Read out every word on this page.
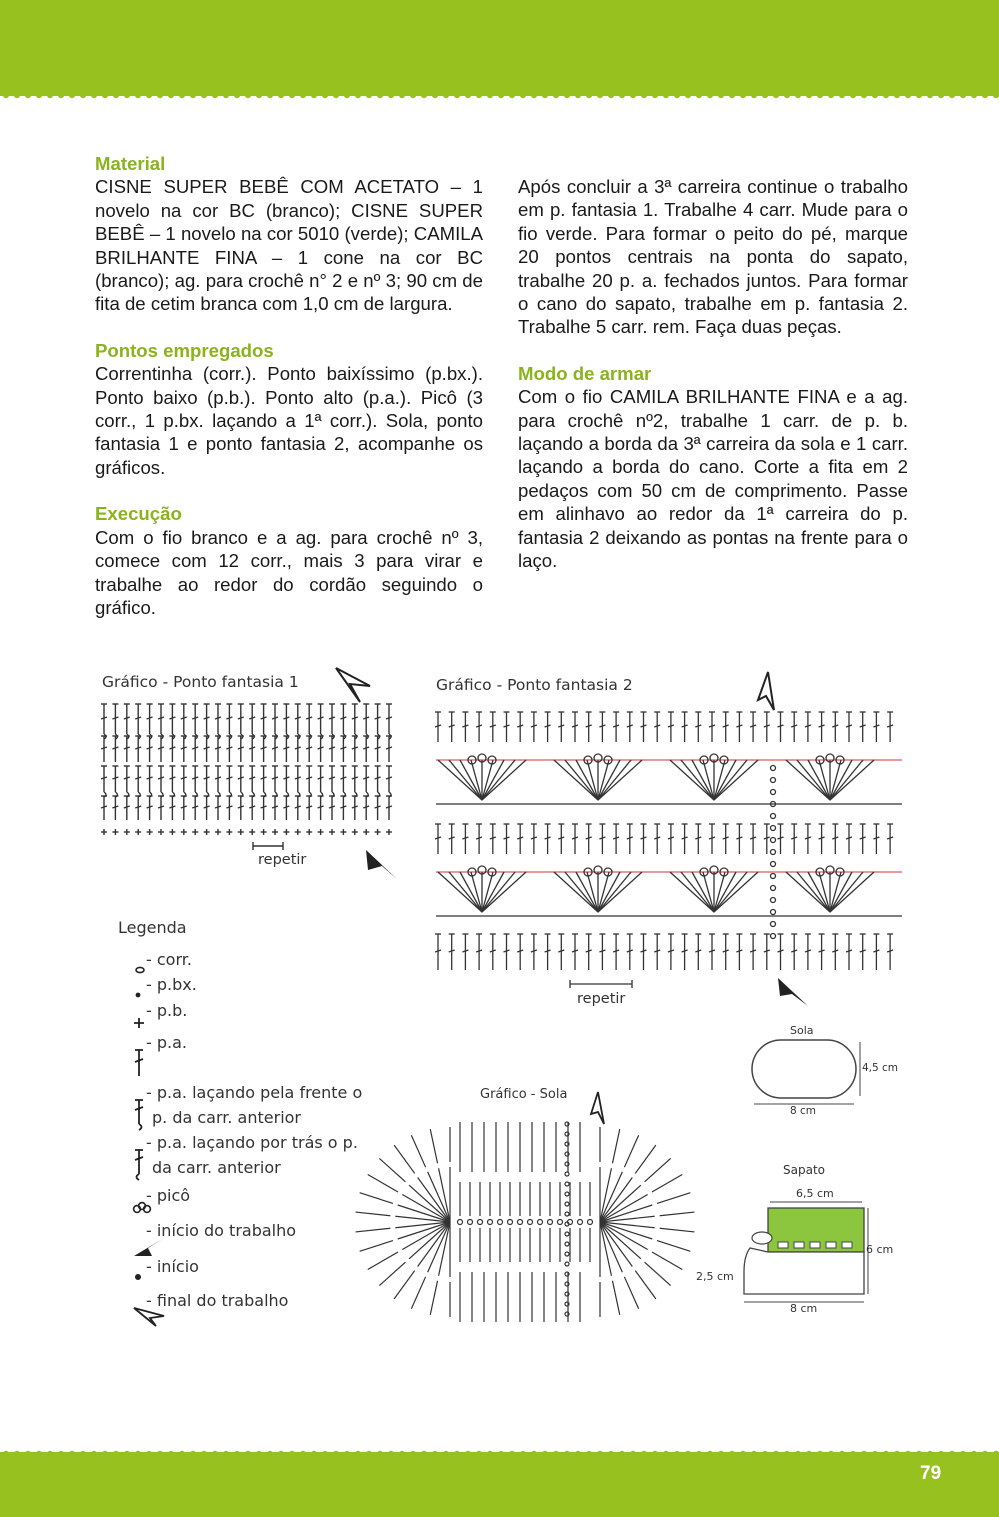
Material

CISNE SUPER BEBÊ COM ACETATO – 1 novelo na cor BC (branco); CISNE SUPER BEBÊ – 1 novelo na cor 5010 (verde); CAMILA BRILHANTE FINA – 1 cone na cor BC (branco); ag. para crochê n° 2 e nº 3; 90 cm de fita de cetim branca com 1,0 cm de largura.

Pontos empregados

Correntinha (corr.). Ponto baixíssimo (p.bx.). Ponto baixo (p.b.). Ponto alto (p.a.). Picô (3 corr., 1 p.bx. laçando a 1ª corr.). Sola, ponto fantasia 1 e ponto fantasia 2, acompanhe os gráficos.

Execução

Com o fio branco e a ag. para crochê nº 3, comece com 12 corr., mais 3 para virar e trabalhe ao redor do cordão seguindo o gráfico.

Após concluir a 3ª carreira continue o trabalho em p. fantasia 1. Trabalhe 4 carr. Mude para o fio verde. Para formar o peito do pé, marque 20 pontos centrais na ponta do sapato, trabalhe 20 p. a. fechados juntos. Para formar o cano do sapato, trabalhe em p. fantasia 2. Trabalhe 5 carr. rem. Faça duas peças.

Modo de armar

Com o fio CAMILA BRILHANTE FINA e a ag. para crochê nº2, trabalhe 1 carr. de p. b. laçando a borda da 3ª carreira da sola e 1 carr. laçando a borda do cano. Corte a fita em 2 pedaços com 50 cm de comprimento. Passe em alinhavo ao redor da 1ª carreira do p. fantasia 2 deixando as pontas na frente para o laço.

Gráfico - Ponto fantasia 1
repetir
Gráfico - Ponto fantasia 2
repetir
Legenda
- corr.
- p.bx.
- p.b.
- p.a.
- p.a. laçando pela frente o
p. da carr. anterior
- p.a. laçando por trás o p.
da carr. anterior
- picô
- início do trabalho
- início
- final do trabalho
Gráfico - Sola
Sola
4,5 cm
8 cm
Sapato
6,5 cm
6 cm
2,5 cm
8 cm
79
